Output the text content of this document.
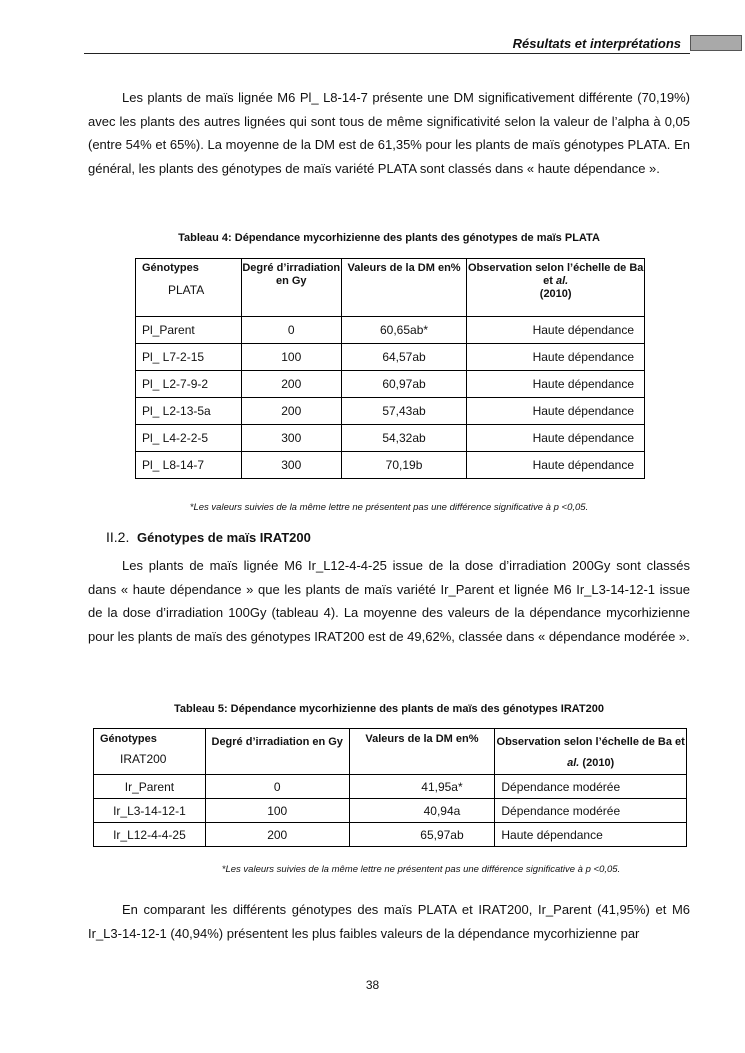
Résultats et interprétations

Les plants de maïs lignée M6 Pl_ L8-14-7 présente une DM significativement différente (70,19%) avec les plants des autres lignées qui sont tous de même significativité selon la valeur de l’alpha à 0,05 (entre 54% et 65%). La moyenne de la DM est de 61,35% pour les plants de maïs génotypes PLATA. En général, les plants des génotypes de maïs variété PLATA sont classés dans « haute dépendance ».

Tableau 4: Dépendance mycorhizienne des plants des génotypes de maïs PLATA

Génotypes
PLATA	Degré d’irradiation en Gy	Valeurs de la DM en%	Observation selon l’échelle de Ba et al.
(2010)
Pl_Parent	0	60,65ab*	Haute dépendance
Pl_ L7-2-15	100	64,57ab	Haute dépendance
Pl_ L2-7-9-2	200	60,97ab	Haute dépendance
Pl_ L2-13-5a	200	57,43ab	Haute dépendance
Pl_ L4-2-2-5	300	54,32ab	Haute dépendance
Pl_ L8-14-7	300	70,19b	Haute dépendance

*Les valeurs suivies de la même lettre ne présentent pas une différence significative à p <0,05.

II.2. Génotypes de maïs IRAT200

Les plants de maïs lignée M6 Ir_L12-4-4-25 issue de la dose d’irradiation 200Gy sont classés dans « haute dépendance » que les plants de maïs variété Ir_Parent et lignée M6 Ir_L3-14-12-1 issue de la dose d’irradiation 100Gy (tableau 4). La moyenne des valeurs de la dépendance mycorhizienne pour les plants de maïs des génotypes IRAT200 est de 49,62%, classée dans « dépendance modérée ».

Tableau 5: Dépendance mycorhizienne des plants de maïs des génotypes IRAT200

Génotypes
IRAT200	Degré d’irradiation en Gy	Valeurs de la DM en%	Observation selon l’échelle de Ba et al. (2010)
Ir_Parent	0	41,95a*	Dépendance modérée
Ir_L3-14-12-1	100	40,94a	Dépendance modérée
Ir_L12-4-4-25	200	65,97ab	Haute dépendance

*Les valeurs suivies de la même lettre ne présentent pas une différence significative à p <0,05.

En comparant les différents génotypes des maïs PLATA et IRAT200, Ir_Parent (41,95%) et M6 Ir_L3-14-12-1 (40,94%) présentent les plus faibles valeurs de la dépendance mycorhizienne par

38
